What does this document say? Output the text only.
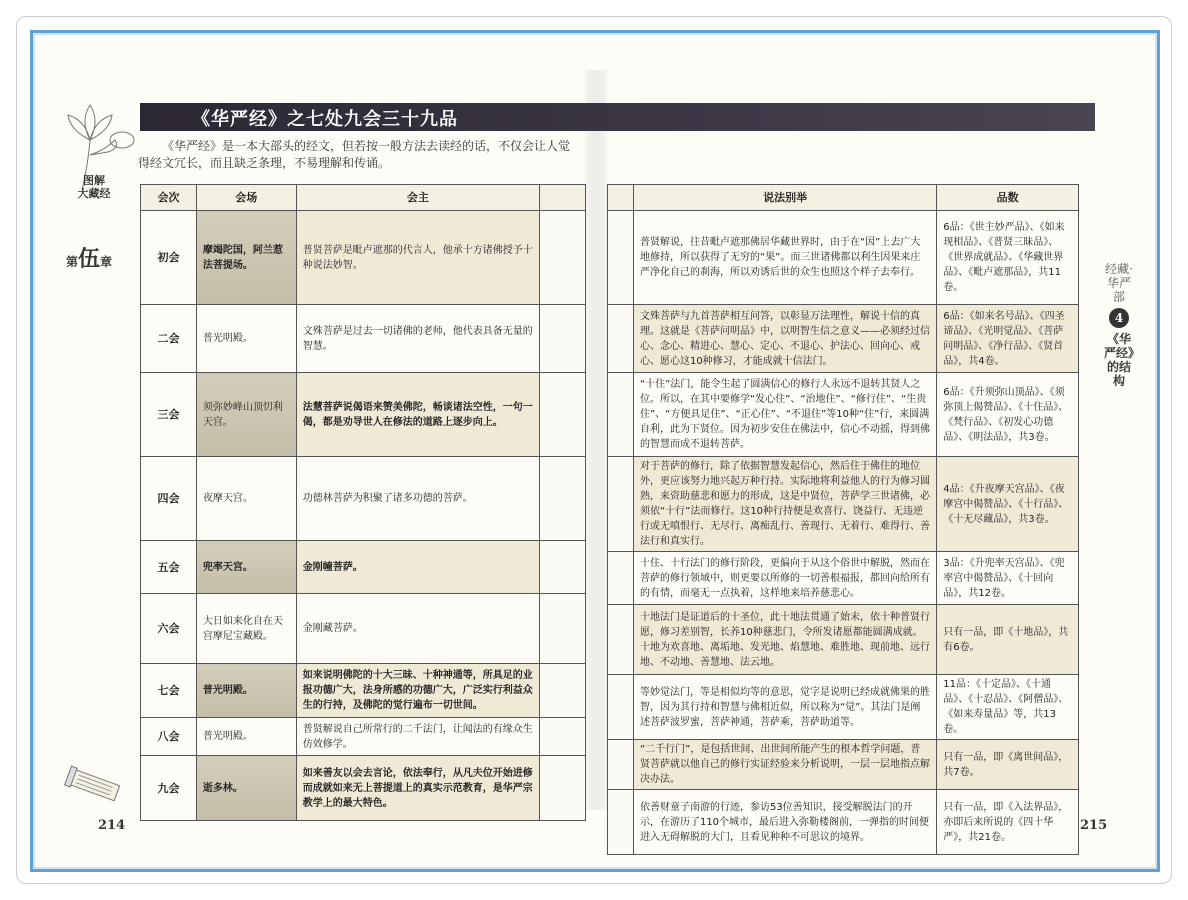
图解
大藏经
第伍章
《华严经》之七处九会三十九品

《华严经》是一本大部头的经文，但若按一般方法去读经的话，不仅会让人觉得经文冗长，而且缺乏条理，不易理解和传诵。

会次	会场	会主	
初会	摩竭陀国，阿兰惹法菩提场。	普贤菩萨是毗卢遮那的代言人，他承十方诸佛授予十种说法妙智。	
二会	普光明殿。	文殊菩萨是过去一切诸佛的老师，他代表具备无量的智慧。	
三会	须弥妙峰山顶忉利天宫。	法慧菩萨说偈语来赞美佛陀，畅谈诸法空性，一句一偈，都是劝导世人在修法的道路上逐步向上。	
四会	夜摩天宫。	功德林菩萨为积聚了诸多功德的菩萨。	
五会	兜率天宫。	金刚幢菩萨。	
六会	大日如来化自在天宫摩尼宝藏殿。	金刚藏菩萨。	
七会	普光明殿。	如来说明佛陀的十大三昧、十种神通等，所具足的业报功德广大，法身所感的功德广大，广泛实行利益众生的行持，及佛陀的觉行遍布一切世间。	
八会	普光明殿。	普贤解说自己所常行的二千法门，让闻法的有缘众生仿效修学。	
九会	逝多林。	如来善友以会去言论，依法奉行，从凡夫位开始进修而成就如来无上菩提道上的真实示范教育，是华严宗教学上的最大特色。	
	说法别举	品数
	普贤解说，往昔毗卢遮那佛居华藏世界时，由于在“因”上去广大地修持，所以获得了无穷的“果”。而三世诸佛都以利生因果来庄严净化自己的刹海，所以劝诱后世的众生也照这个样子去奉行。	6品：《世主妙严品》、《如来现相品》、《普贤三昧品》、《世界成就品》、《华藏世界品》、《毗卢遮那品》，共11卷。
	文殊菩萨与九首菩萨相互问答，以彰显万法理性，解说十信的真理。这就是《菩萨问明品》中，以明智生信之意义——必须经过信心、念心、精进心、慧心、定心、不退心、护法心、回向心、戒心、愿心这10种修习，才能成就十信法门。	6品：《如来名号品》、《四圣谛品》、《光明觉品》、《菩萨问明品》、《净行品》、《贤首品》，共4卷。
	“十住”法门，能令生起了圆满信心的修行人永远不退转其贤人之位。所以，在其中要修学“发心住”、“治地住”、“修行住”、“生贵住”、“方便具足住”、“正心住”、“不退住”等10种“住”行，来圆满自利，此为下贤位。因为初步安住在佛法中，信心不动摇，得到佛的智慧而成不退转菩萨。	6品：《升须弥山顶品》、《须弥顶上偈赞品》、《十住品》、《梵行品》、《初发心功德品》、《明法品》，共3卷。
	对于菩萨的修行，除了依据智慧发起信心，然后住于佛住的地位外，更应该努力地兴起万种行持。实际地将利益他人的行为修习圆熟，来资助慈悲和愿力的形成，这是中贤位，菩萨学三世诸佛，必须依“十行”法而修行。这10种行持便是欢喜行、饶益行、无违逆行或无嗔恨行、无尽行、离痴乱行、善现行、无着行、难得行、善法行和真实行。	4品：《升夜摩天宫品》、《夜摩宫中偈赞品》、《十行品》、《十无尽藏品》，共3卷。
	十住、十行法门的修行阶段，更偏向于从这个俗世中解脱，然而在菩萨的修行领域中，则更要以所修的一切善根福报，都回向给所有的有情，而毫无一点执着，这样地来培养慈悲心。	3品：《升兜率天宫品》、《兜率宫中偈赞品》、《十回向品》，共12卷。
	十地法门是证道后的十圣位，此十地法贯通了始末，依十种普贤行愿，修习差别智，长养10种慈悲门，令所发诸愿都能圆满成就。十地为欢喜地、离垢地、发光地、焰慧地、难胜地、现前地、远行地、不动地、善慧地、法云地。	只有一品，即《十地品》，共有6卷。
	等妙觉法门，等是相似均等的意思，觉字是说明已经成就佛果的胜智，因为其行持和智慧与佛相近似，所以称为“觉”。其法门是阐述菩萨波罗蜜，菩萨神通，菩萨乘，菩萨助道等。	11品：《十定品》、《十通品》、《十忍品》、《阿僧品》、《如来寿量品》等，共13卷。
	“二千行门”，是包括世间、出世间所能产生的根本哲学问题，普贤菩萨就以他自己的修行实证经验来分析说明，一层一层地指点解决办法。	只有一品，即《离世间品》，共7卷。
	依善财童子南游的行迹，参访53位善知识，接受解脱法门的开示，在游历了110个城市，最后进入弥勒楼阁前，一弹指的时间便进入无碍解脱的大门，且看见种种不可思议的境界。	只有一品，即《入法界品》，亦即后来所说的《四十华严》，共21卷。
经藏·华严部
4
《华严经》的结构
214	215
